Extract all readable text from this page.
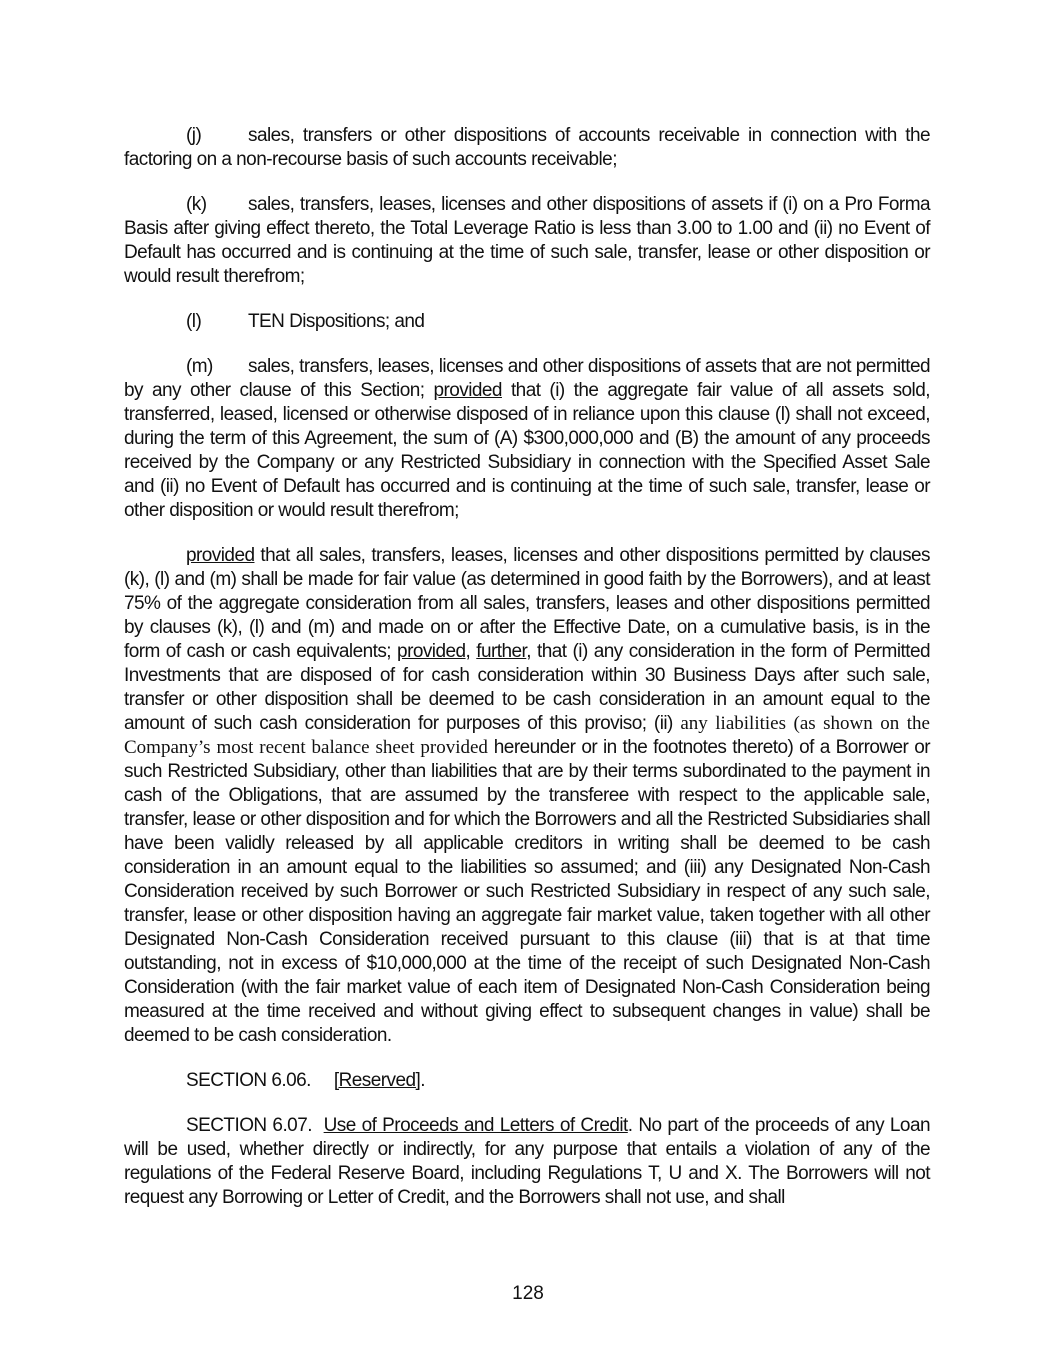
(j) sales, transfers or other dispositions of accounts receivable in connection with the factoring on a non-recourse basis of such accounts receivable;

(k) sales, transfers, leases, licenses and other dispositions of assets if (i) on a Pro Forma Basis after giving effect thereto, the Total Leverage Ratio is less than 3.00 to 1.00 and (ii) no Event of Default has occurred and is continuing at the time of such sale, transfer, lease or other disposition or would result therefrom;

(l) TEN Dispositions; and

(m) sales, transfers, leases, licenses and other dispositions of assets that are not permitted by any other clause of this Section; provided that (i) the aggregate fair value of all assets sold, transferred, leased, licensed or otherwise disposed of in reliance upon this clause (l) shall not exceed, during the term of this Agreement, the sum of (A) $300,000,000 and (B) the amount of any proceeds received by the Company or any Restricted Subsidiary in connection with the Specified Asset Sale and (ii) no Event of Default has occurred and is continuing at the time of such sale, transfer, lease or other disposition or would result therefrom;

provided that all sales, transfers, leases, licenses and other dispositions permitted by clauses (k), (l) and (m) shall be made for fair value (as determined in good faith by the Borrowers), and at least 75% of the aggregate consideration from all sales, transfers, leases and other dispositions permitted by clauses (k), (l) and (m) and made on or after the Effective Date, on a cumulative basis, is in the form of cash or cash equivalents; provided, further, that (i) any consideration in the form of Permitted Investments that are disposed of for cash consideration within 30 Business Days after such sale, transfer or other disposition shall be deemed to be cash consideration in an amount equal to the amount of such cash consideration for purposes of this proviso; (ii) any liabilities (as shown on the Company’s most recent balance sheet provided hereunder or in the footnotes thereto) of a Borrower or such Restricted Subsidiary, other than liabilities that are by their terms subordinated to the payment in cash of the Obligations, that are assumed by the transferee with respect to the applicable sale, transfer, lease or other disposition and for which the Borrowers and all the Restricted Subsidiaries shall have been validly released by all applicable creditors in writing shall be deemed to be cash consideration in an amount equal to the liabilities so assumed; and (iii) any Designated Non-Cash Consideration received by such Borrower or such Restricted Subsidiary in respect of any such sale, transfer, lease or other disposition having an aggregate fair market value, taken together with all other Designated Non-Cash Consideration received pursuant to this clause (iii) that is at that time outstanding, not in excess of $10,000,000 at the time of the receipt of such Designated Non-Cash Consideration (with the fair market value of each item of Designated Non-Cash Consideration being measured at the time received and without giving effect to subsequent changes in value) shall be deemed to be cash consideration.

SECTION 6.06. [Reserved].

SECTION 6.07. Use of Proceeds and Letters of Credit. No part of the proceeds of any Loan will be used, whether directly or indirectly, for any purpose that entails a violation of any of the regulations of the Federal Reserve Board, including Regulations T, U and X. The Borrowers will not request any Borrowing or Letter of Credit, and the Borrowers shall not use, and shall

128
